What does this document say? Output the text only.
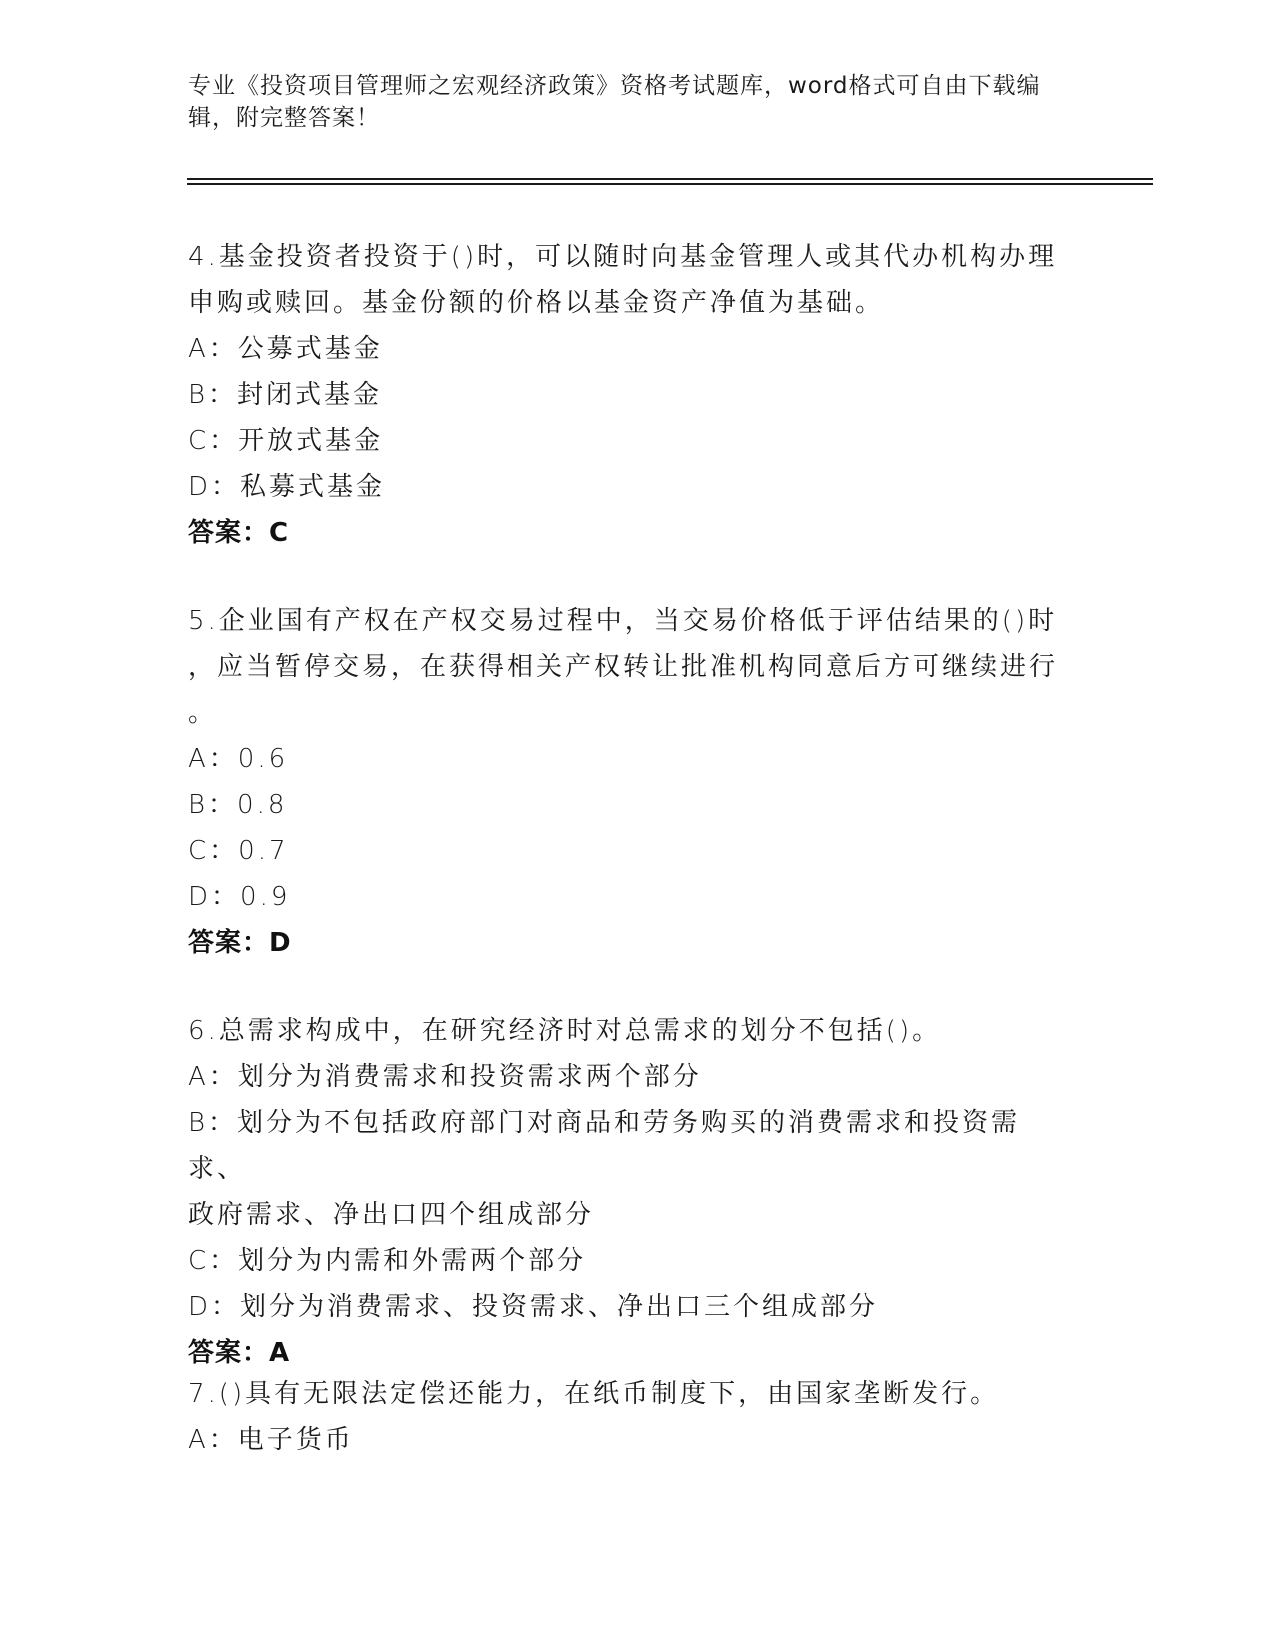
专业《投资项目管理师之宏观经济政策》资格考试题库，word格式可自由下载编
辑，附完整答案！
4.基金投资者投资于()时，可以随时向基金管理人或其代办机构办理
申购或赎回。基金份额的价格以基金资产净值为基础。
A：公募式基金
B：封闭式基金
C：开放式基金
D：私募式基金
答案：C
5.企业国有产权在产权交易过程中，当交易价格低于评估结果的()时
，应当暂停交易，在获得相关产权转让批准机构同意后方可继续进行
。
A：0.6
B：0.8
C：0.7
D：0.9
答案：D
6.总需求构成中，在研究经济时对总需求的划分不包括()。
A：划分为消费需求和投资需求两个部分
B：划分为不包括政府部门对商品和劳务购买的消费需求和投资需求、
政府需求、净出口四个组成部分
C：划分为内需和外需两个部分
D：划分为消费需求、投资需求、净出口三个组成部分
答案：A
7.()具有无限法定偿还能力，在纸币制度下，由国家垄断发行。
A：电子货币
